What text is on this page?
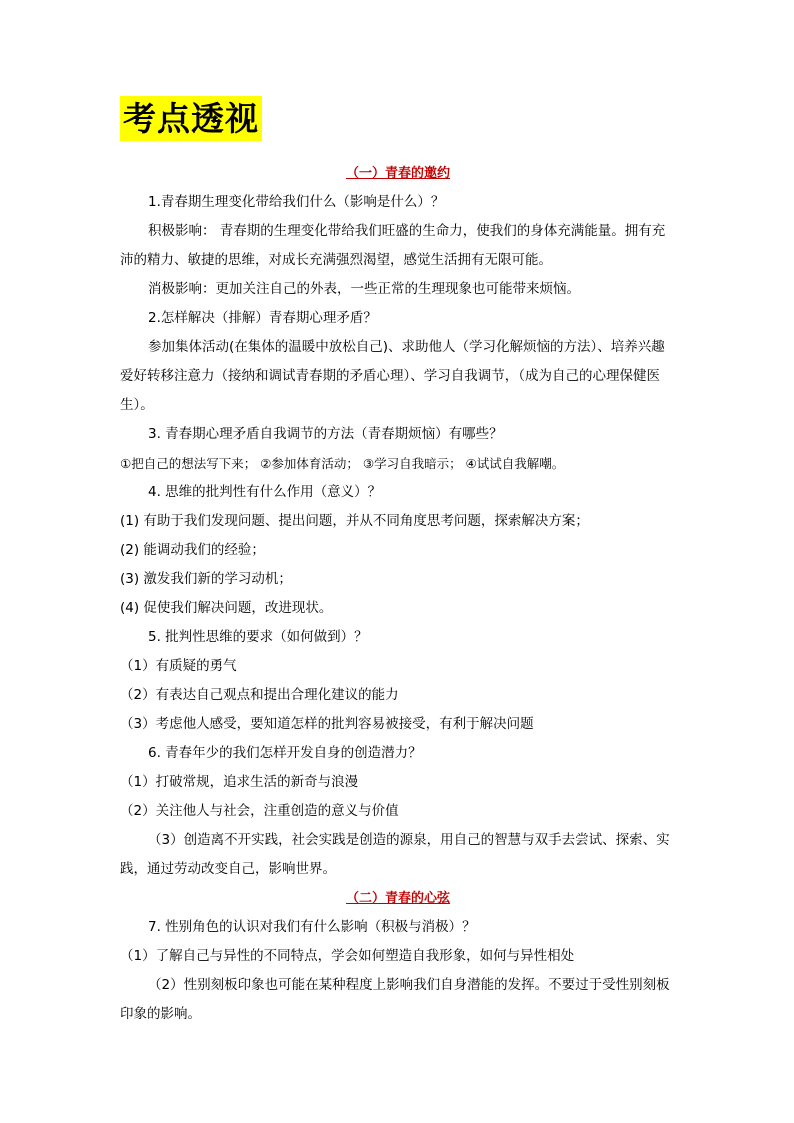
考点透视
（一）青春的邀约

1.青春期生理变化带给我们什么（影响是什么）？

积极影响： 青春期的生理变化带给我们旺盛的生命力，使我们的身体充满能量。拥有充沛的精力、敏捷的思维，对成长充满强烈渴望，感觉生活拥有无限可能。

消极影响：更加关注自己的外表，一些正常的生理现象也可能带来烦恼。

2.怎样解决（排解）青春期心理矛盾？

参加集体活动(在集体的温暖中放松自己)、求助他人（学习化解烦恼的方法）、培养兴趣爱好转移注意力（接纳和调试青春期的矛盾心理）、学习自我调节，（成为自己的心理保健医生）。

3. 青春期心理矛盾自我调节的方法（青春期烦恼）有哪些？

①把自己的想法写下来； ②参加体育活动； ③学习自我暗示； ④试试自我解嘲。

4. 思维的批判性有什么作用（意义）？

(1) 有助于我们发现问题、提出问题，并从不同角度思考问题，探索解决方案；

(2) 能调动我们的经验；

(3) 激发我们新的学习动机；

(4) 促使我们解决问题，改进现状。

5. 批判性思维的要求（如何做到）？

（1）有质疑的勇气

（2）有表达自己观点和提出合理化建议的能力

（3）考虑他人感受，要知道怎样的批判容易被接受，有利于解决问题

6. 青春年少的我们怎样开发自身的创造潜力？

（1）打破常规，追求生活的新奇与浪漫

（2）关注他人与社会，注重创造的意义与价值

（3）创造离不开实践，社会实践是创造的源泉，用自己的智慧与双手去尝试、探索、实践，通过劳动改变自己，影响世界。

（二）青春的心弦

7. 性别角色的认识对我们有什么影响（积极与消极）？

（1）了解自己与异性的不同特点，学会如何塑造自我形象，如何与异性相处

（2）性别刻板印象也可能在某种程度上影响我们自身潜能的发挥。不要过于受性别刻板印象的影响。
